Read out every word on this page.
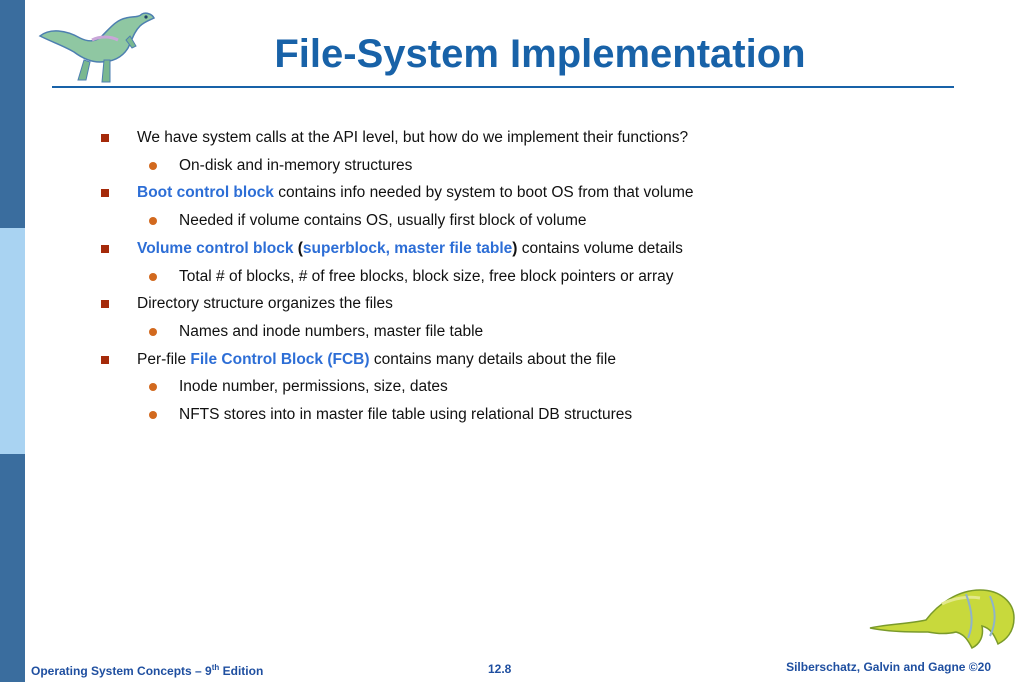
File-System Implementation
We have system calls at the API level, but how do we implement their functions?
On-disk and in-memory structures
Boot control block contains info needed by system to boot OS from that volume
Needed if volume contains OS, usually first block of volume
Volume control block (superblock, master file table) contains volume details
Total # of blocks, # of free blocks, block size, free block pointers or array
Directory structure organizes the files
Names and inode numbers, master file table
Per-file File Control Block (FCB) contains many details about the file
Inode number, permissions, size, dates
NFTS stores into in master file table using relational DB structures
Operating System Concepts – 9th Edition	12.8	Silberschatz, Galvin and Gagne ©20
